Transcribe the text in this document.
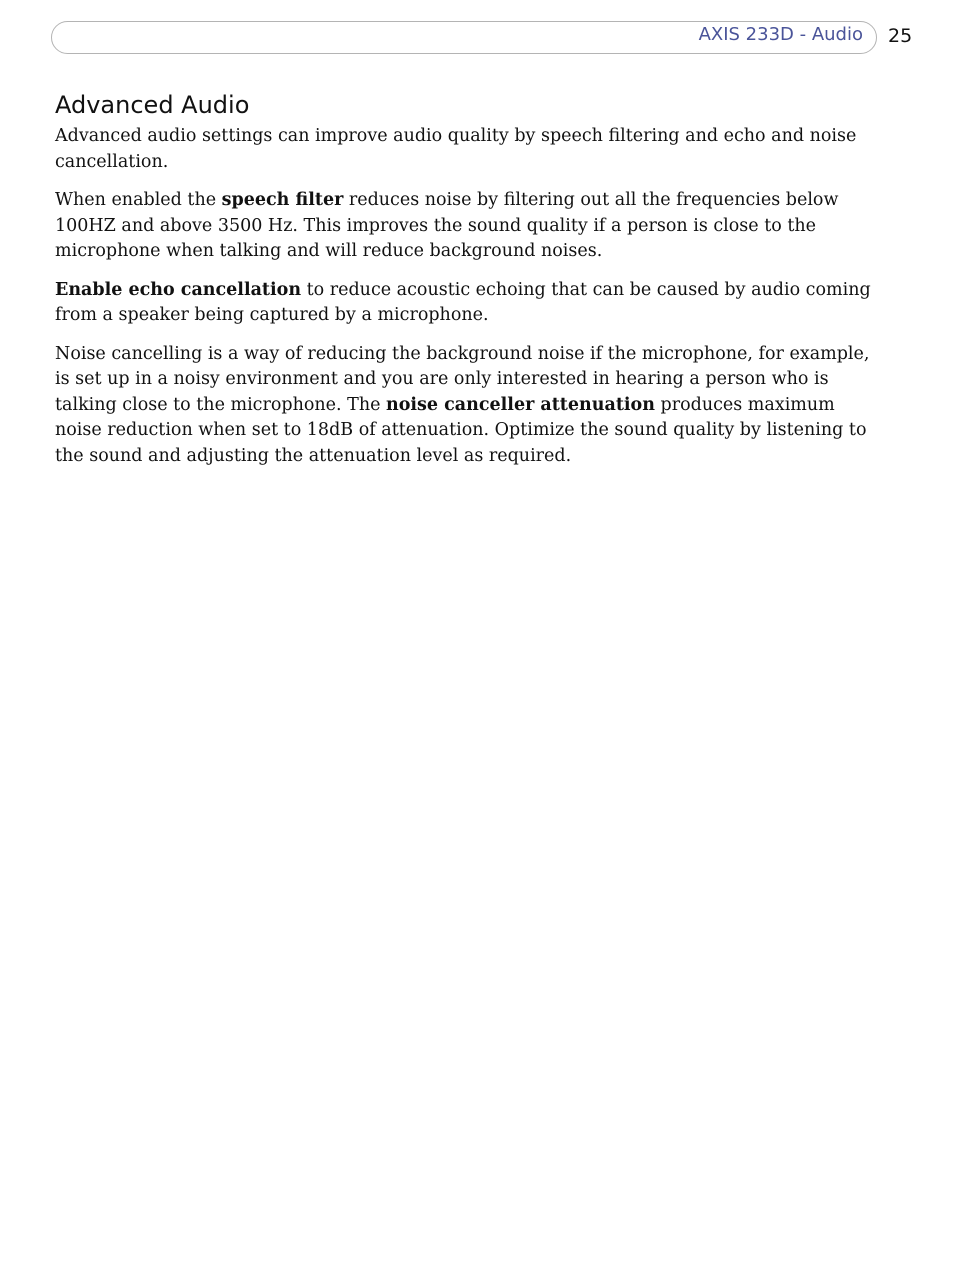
AXIS 233D - Audio 25
Advanced Audio

Advanced audio settings can improve audio quality by speech filtering and echo and noise cancellation.

When enabled the speech filter reduces noise by filtering out all the frequencies below 100HZ and above 3500 Hz. This improves the sound quality if a person is close to the microphone when talking and will reduce background noises.

Enable echo cancellation to reduce acoustic echoing that can be caused by audio coming from a speaker being captured by a microphone.

Noise cancelling is a way of reducing the background noise if the microphone, for example, is set up in a noisy environment and you are only interested in hearing a person who is talking close to the microphone. The noise canceller attenuation produces maximum noise reduction when set to 18dB of attenuation. Optimize the sound quality by listening to the sound and adjusting the attenuation level as required.
